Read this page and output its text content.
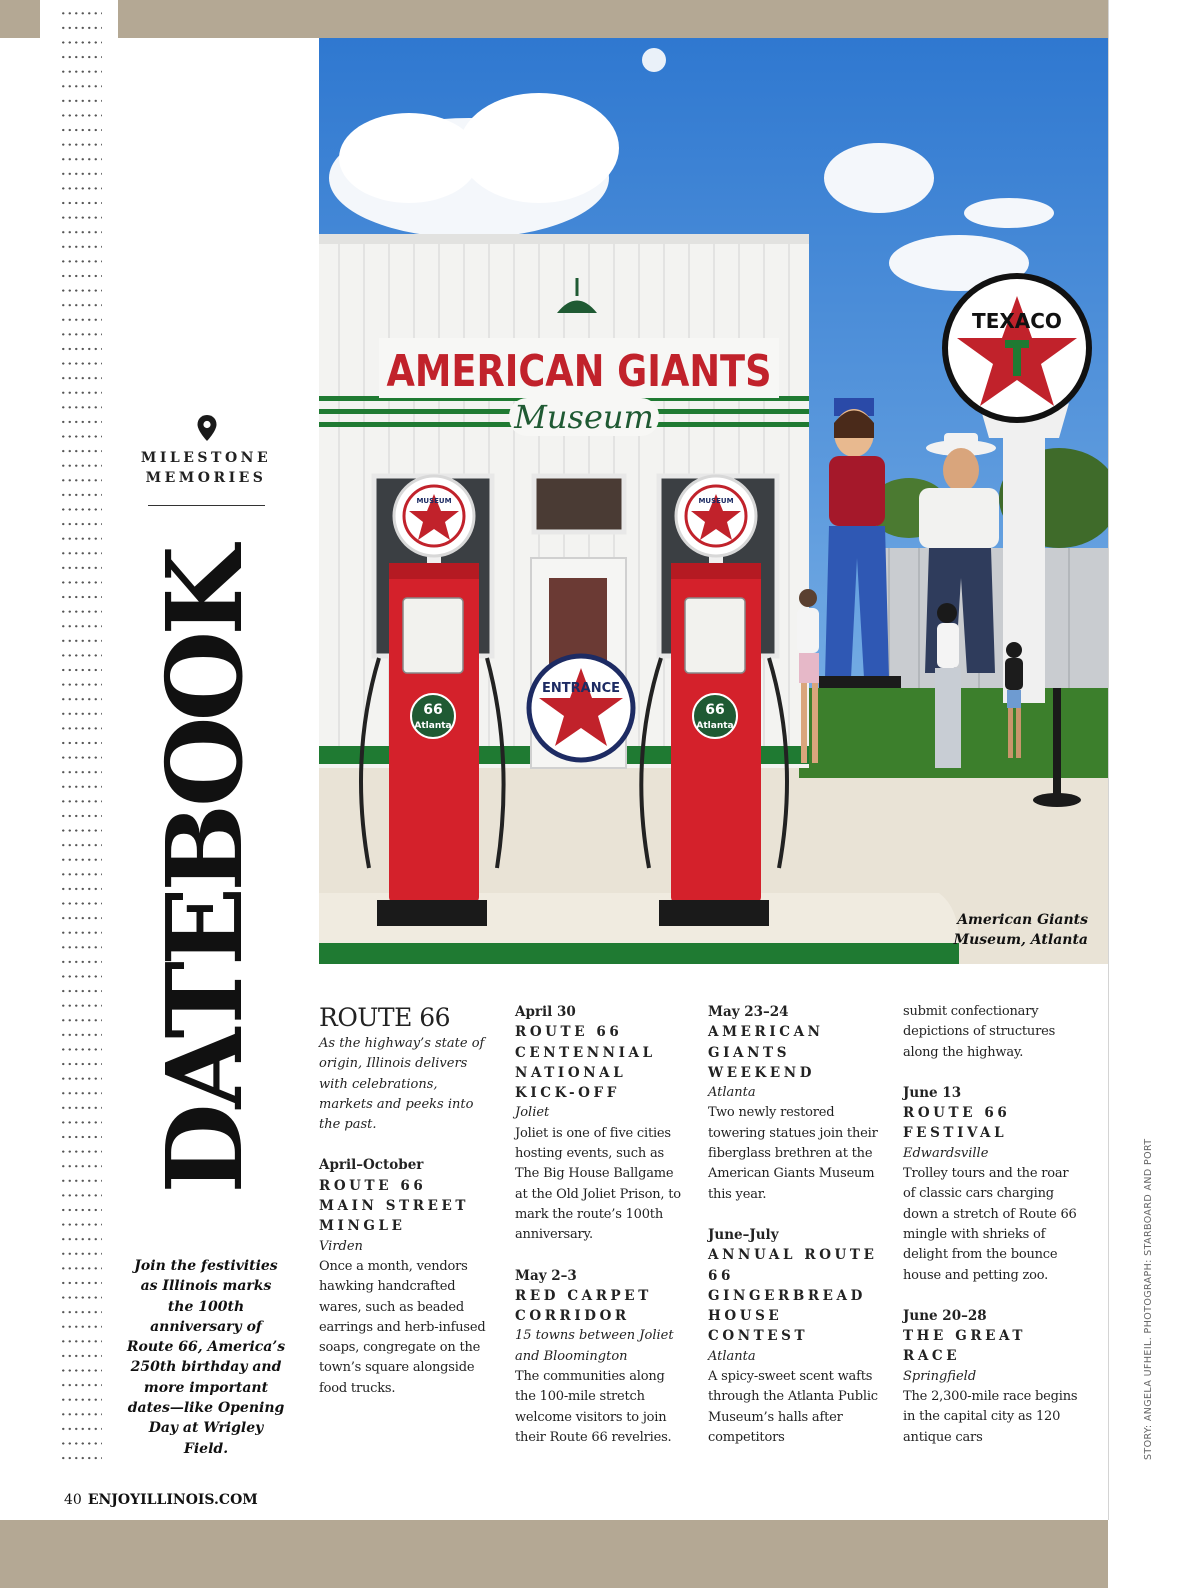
MILESTONE MEMORIES
DATEBOOK
Join the festivities as Illinois marks the 100th anniversary of Route 66, America’s 250th birthday and more important dates—like Opening Day at Wrigley Field.
AMERICAN GIANTS
Museum
ENTRANCE
66
Atlanta
MUSEUM
66
Atlanta
MUSEUM
TEXACO
American Giants
Museum, Atlanta
ROUTE 66
As the highway’s state of origin, Illinois delivers with celebrations, markets and peeks into the past.
April–October
ROUTE 66 MAIN STREET MINGLE
Virden
Once a month, vendors hawking handcrafted wares, such as beaded earrings and herb-infused soaps, congregate on the town’s square alongside food trucks.
April 30
ROUTE 66 CENTENNIAL NATIONAL KICK-OFF
Joliet
Joliet is one of five cities hosting events, such as The Big House Ballgame at the Old Joliet Prison, to mark the route’s 100th anniversary.
May 2–3
RED CARPET CORRIDOR
15 towns between Joliet and Bloomington
The communities along the 100-mile stretch welcome visitors to join their Route 66 revelries.
May 23–24
AMERICAN GIANTS WEEKEND
Atlanta
Two newly restored towering statues join their fiberglass brethren at the American Giants Museum this year.
June–July
ANNUAL ROUTE 66 GINGERBREAD HOUSE CONTEST
Atlanta
A spicy-sweet scent wafts through the Atlanta Public Museum’s halls after competitors
submit confectionary depictions of structures along the highway.
June 13
ROUTE 66 FESTIVAL
Edwardsville
Trolley tours and the roar of classic cars charging down a stretch of Route 66 mingle with shrieks of delight from the bounce house and petting zoo.
June 20–28
THE GREAT RACE
Springfield
The 2,300-mile race begins in the capital city as 120 antique cars
40 ENJOYILLINOIS.COM
STORY: ANGELA UFHEIL. PHOTOGRAPH: STARBOARD AND PORT
